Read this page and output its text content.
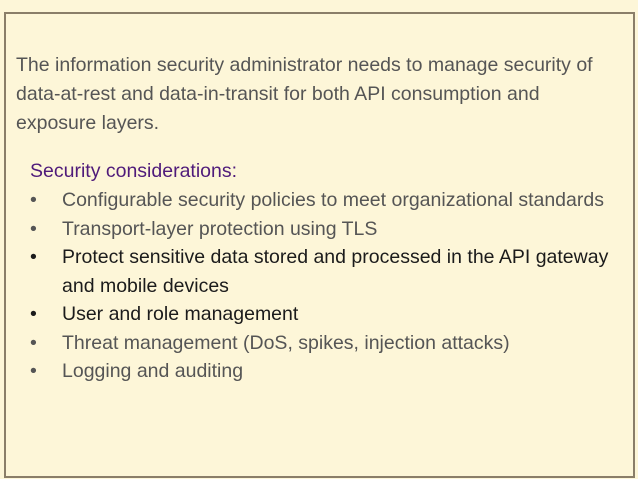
The information security administrator needs to manage security of data-at-rest and data-in-transit for both API consumption and exposure layers.

Security considerations:
•	Configurable security policies to meet organizational standards
•	Transport-layer protection using TLS
•	Protect sensitive data stored and processed in the API gateway and mobile devices
•	User and role management
•	Threat management (DoS, spikes, injection attacks)
•	Logging and auditing
